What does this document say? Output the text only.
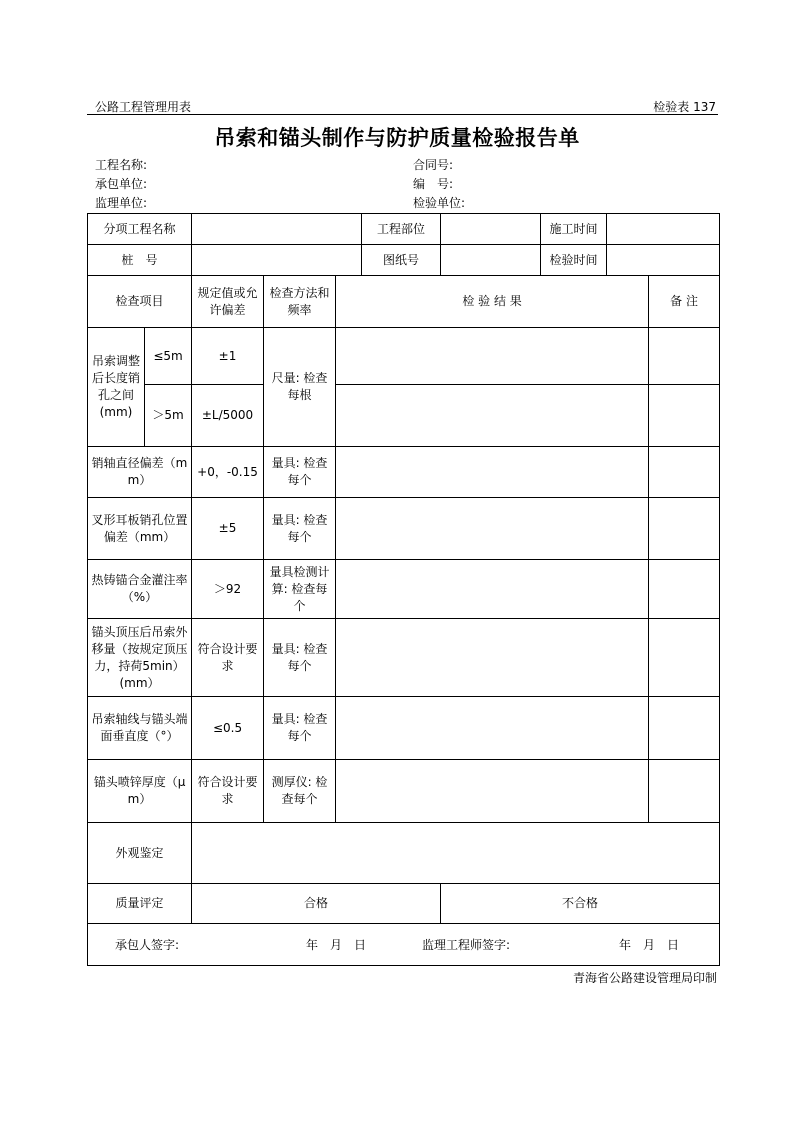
公路工程管理用表	检验表 137
吊索和锚头制作与防护质量检验报告单
工程名称:	合同号:
承包单位:	编　号:
监理单位:	检验单位:
分项工程名称					工程部位		施工时间		
桩　号					图纸号		检验时间		
检查项目		规定值或允许偏差	检查方法和频率	检 验 结 果					备 注
吊索调整后长度销孔之间(mm)	≤5m	±1	尺量: 检查每根						
	＞5m	±L/5000							
销轴直径偏差（mm）		+0，-0.15	量具: 检查每个						
叉形耳板销孔位置偏差（mm）		±5	量具: 检查每个						
热铸锚合金灌注率（%）		＞92	量具检测计算: 检查每个						
锚头顶压后吊索外移量（按规定顶压力，持荷5min）(mm）		符合设计要求	量具: 检查每个						
吊索轴线与锚头端面垂直度（°）		≤0.5	量具: 检查每个						
锚头喷锌厚度（μm）		符合设计要求	测厚仪: 检查每个						
外观鉴定									
质量评定		合格				不合格			

承包人签字: 年　月　日 监理工程师签字: 年　月　日									
青海省公路建设管理局印制
